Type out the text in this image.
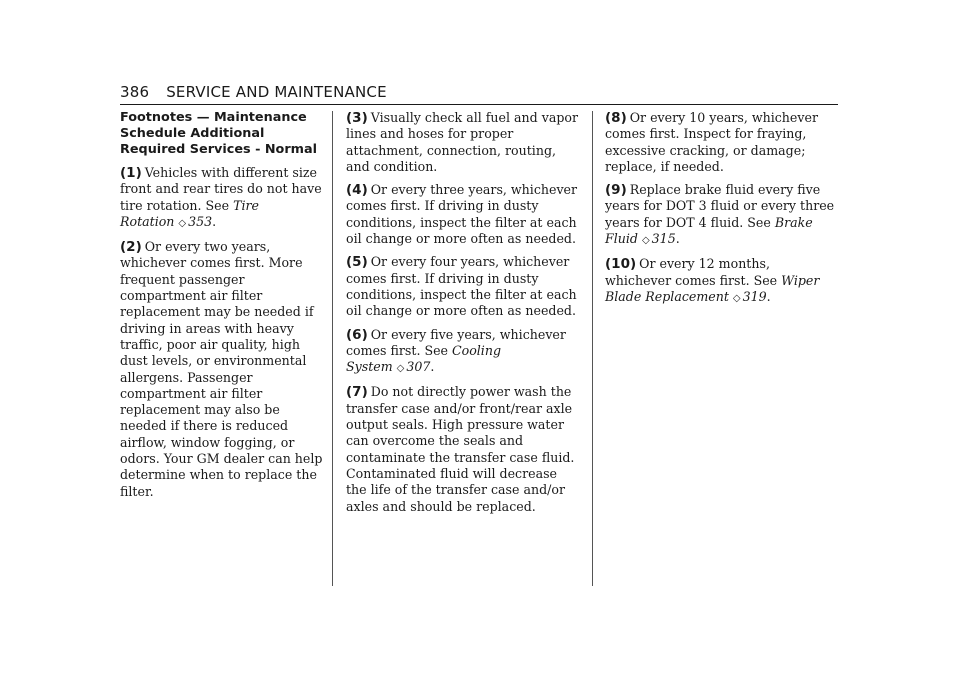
386 SERVICE AND MAINTENANCE
Footnotes — Maintenance Schedule Additional Required Services - Normal

(1) Vehicles with different size front and rear tires do not have tire rotation. See Tire Rotation ◇ 353.

(2) Or every two years, whichever comes first. More frequent passenger compartment air filter replacement may be needed if driving in areas with heavy traffic, poor air quality, high dust levels, or environmental allergens. Passenger compartment air filter replacement may also be needed if there is reduced airflow, window fogging, or odors. Your GM dealer can help determine when to replace the filter.

(3) Visually check all fuel and vapor lines and hoses for proper attachment, connection, routing, and condition.

(4) Or every three years, whichever comes first. If driving in dusty conditions, inspect the filter at each oil change or more often as needed.

(5) Or every four years, whichever comes first. If driving in dusty conditions, inspect the filter at each oil change or more often as needed.

(6) Or every five years, whichever comes first. See Cooling System ◇ 307.

(7) Do not directly power wash the transfer case and/or front/rear axle output seals. High pressure water can overcome the seals and contaminate the transfer case fluid. Contaminated fluid will decrease the life of the transfer case and/or axles and should be replaced.

(8) Or every 10 years, whichever comes first. Inspect for fraying, excessive cracking, or damage; replace, if needed.

(9) Replace brake fluid every five years for DOT 3 fluid or every three years for DOT 4 fluid. See Brake Fluid ◇ 315.

(10) Or every 12 months, whichever comes first. See Wiper Blade Replacement ◇ 319.
